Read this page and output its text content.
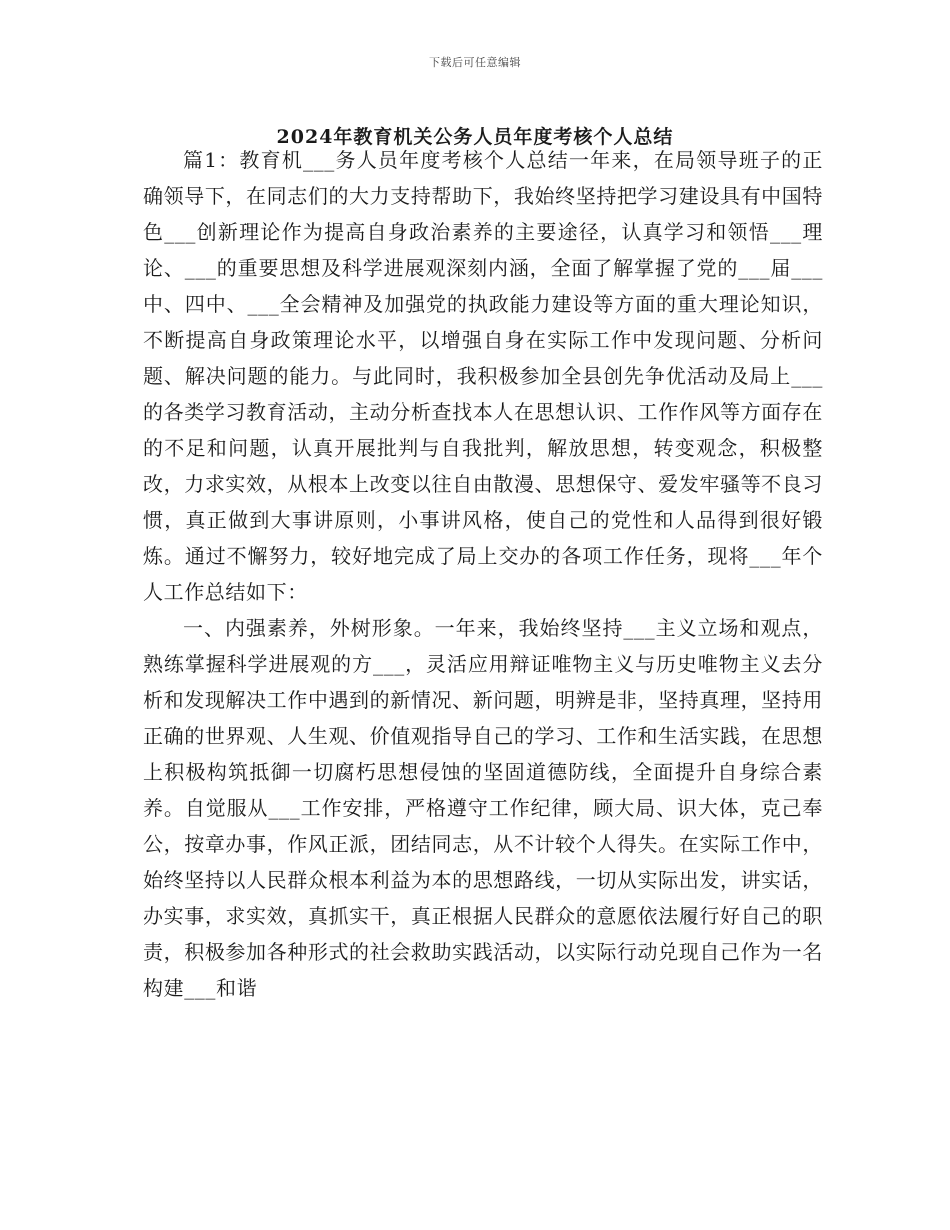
下载后可任意编辑
2024年教育机关公务人员年度考核个人总结

篇1：教育机___务人员年度考核个人总结一年来，在局领导班子的正确领导下，在同志们的大力支持帮助下，我始终坚持把学习建设具有中国特色___创新理论作为提高自身政治素养的主要途径，认真学习和领悟___理论、___的重要思想及科学进展观深刻内涵，全面了解掌握了党的___届___中、四中、___全会精神及加强党的执政能力建设等方面的重大理论知识，不断提高自身政策理论水平，以增强自身在实际工作中发现问题、分析问题、解决问题的能力。与此同时，我积极参加全县创先争优活动及局上___的各类学习教育活动，主动分析查找本人在思想认识、工作作风等方面存在的不足和问题，认真开展批判与自我批判，解放思想，转变观念，积极整改，力求实效，从根本上改变以往自由散漫、思想保守、爱发牢骚等不良习惯，真正做到大事讲原则，小事讲风格，使自己的党性和人品得到很好锻炼。通过不懈努力，较好地完成了局上交办的各项工作任务，现将___年个人工作总结如下：

一、内强素养，外树形象。一年来，我始终坚持___主义立场和观点，熟练掌握科学进展观的方___，灵活应用辩证唯物主义与历史唯物主义去分析和发现解决工作中遇到的新情况、新问题，明辨是非，坚持真理，坚持用正确的世界观、人生观、价值观指导自己的学习、工作和生活实践，在思想上积极构筑抵御一切腐朽思想侵蚀的坚固道德防线，全面提升自身综合素养。自觉服从___工作安排，严格遵守工作纪律，顾大局、识大体，克己奉公，按章办事，作风正派，团结同志，从不计较个人得失。在实际工作中，始终坚持以人民群众根本利益为本的思想路线，一切从实际出发，讲实话，办实事，求实效，真抓实干，真正根据人民群众的意愿依法履行好自己的职责，积极参加各种形式的社会救助实践活动，以实际行动兑现自己作为一名构建___和谐
